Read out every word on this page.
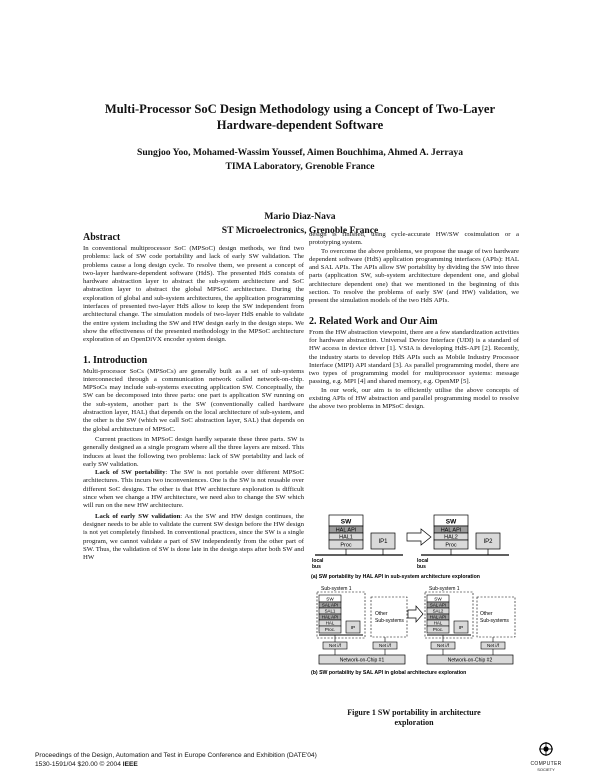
Multi-Processor SoC Design Methodology using a Concept of Two-Layer
Hardware-dependent Software
Sungjoo Yoo, Mohamed-Wassim Youssef, Aimen Bouchhima, Ahmed A. Jerraya
TIMA Laboratory, Grenoble France
Mario Diaz-Nava
ST Microelectronics, Grenoble France
Abstract

In conventional multiprocessor SoC (MPSoC) design methods, we find two problems: lack of SW code portability and lack of early SW validation. The problems cause a long design cycle. To resolve them, we present a concept of two-layer hardware-dependent software (HdS). The presented HdS consists of hardware abstraction layer to abstract the sub-system architecture and SoC abstraction layer to abstract the global MPSoC architecture. During the exploration of global and sub-system architectures, the application programming interfaces of presented two-layer HdS allow to keep the SW independent from architectural change. The simulation models of two-layer HdS enable to validate the entire system including the SW and HW design early in the design steps. We show the effectiveness of the presented methodology in the MPSoC architecture exploration of an OpenDiVX encoder system design.

1. Introduction

Multi-processor SoCs (MPSoCs) are generally built as a set of sub-systems interconnected through a communication network called network-on-chip. MPSoCs may include sub-systems executing application SW. Conceptually, the SW can be decomposed into three parts: one part is application SW running on the sub-system, another part is the SW (conventionally called hardware abstraction layer, HAL) that depends on the local architecture of sub-system, and the other is the SW (which we call SoC abstraction layer, SAL) that depends on the global architecture of MPSoC.

Current practices in MPSoC design hardly separate these three parts. SW is generally designed as a single program where all the three layers are mixed. This induces at least the following two problems: lack of SW portability and lack of early SW validation.

Lack of SW portability: The SW is not portable over different MPSoC architectures. This incurs two inconveniences. One is the SW is not reusable over different SoC designs. The other is that HW architecture exploration is difficult since when we change a HW architecture, we need also to change the SW which will run on the new HW architecture.

Lack of early SW validation: As the SW and HW design continues, the designer needs to be able to validate the current SW design before the HW design is not yet completely finished. In conventional practices, since the SW is a single program, we cannot validate a part of SW independently from the other part of SW. Thus, the validation of SW is done late in the design steps after both SW and HW

design is finished, using cycle-accurate HW/SW cosimulation or a prototyping system.

To overcome the above problems, we propose the usage of two hardware dependent software (HdS) application programming interfaces (APIs): HAL and SAL APIs. The APIs allow SW portability by dividing the SW into three parts (application SW, sub-system architecture dependent one, and global architecture dependent one) that we mentioned in the beginning of this section. To resolve the problems of early SW (and HW) validation, we present the simulation models of the two HdS APIs.

2. Related Work and Our Aim

From the HW abstraction viewpoint, there are a few standardization activities for hardware abstraction. Universal Device Interface (UDI) is a standard of HW access in device driver [1]. VSIA is developing HdS-API [2]. Recently, the industry starts to develop HdS APIs such as Mobile Industry Processor Interface (MIPI) API standard [3]. As parallel programming model, there are two types of programming model for multiprocessor systems: message passing, e.g. MPI [4] and shared memory, e.g. OpenMP [5].

In our work, our aim is to efficiently utilise the above concepts of existing APIs of HW abstraction and parallel programming model to resolve the above two problems in MPSoC design.

SW
HAL API
HAL1
Proc
IP1
local
bus
SW
HAL API
HAL2
Proc
IP2
local
bus
(a) SW portability by HAL API in sub-system architecture exploration
Sub-system 1
SW
SAL API
SAL1
HAL API
HAL
Proc.	IP
Other
Sub-systems
Net i/f	Net i/f
Network-on-Chip #1
Sub-system 1
SW
SAL API
SAL2
HAL API
HAL
Proc.	IP
Other
Sub-systems
Net i/f	Net i/f
Network-on-Chip #2
(b) SW portability by SAL API in global architecture exploration
Figure 1 SW portability in architecture
exploration
Proceedings of the Design, Automation and Test in Europe Conference and Exhibition (DATE'04)
1530-1591/04 $20.00 © 2004 IEEE	COMPUTER
SOCIETY
